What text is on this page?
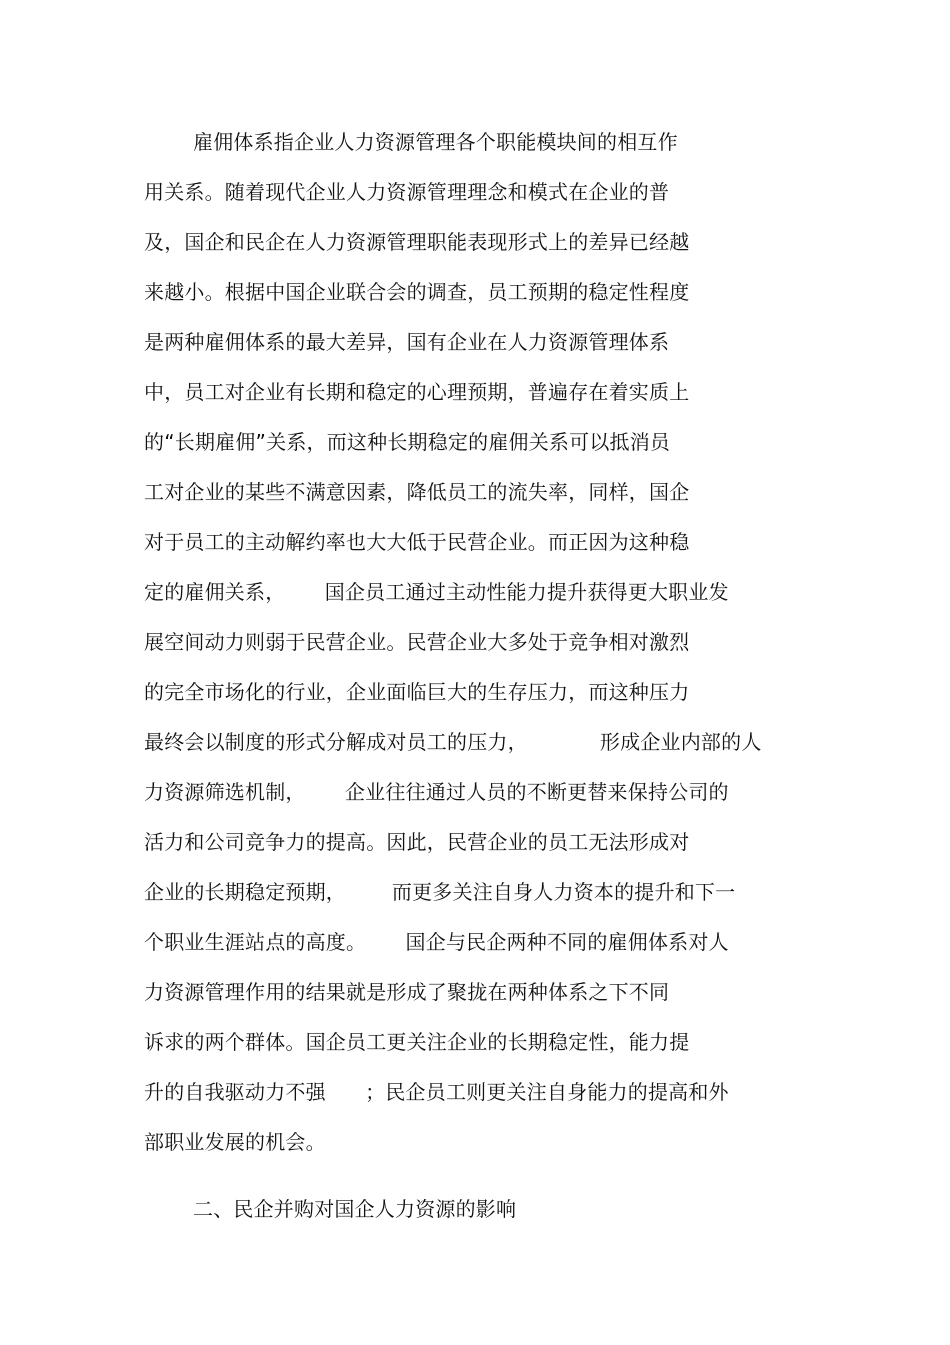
雇佣体系指企业人力资源管理各个职能模块间的相互作
用关系。随着现代企业人力资源管理理念和模式在企业的普
及，国企和民企在人力资源管理职能表现形式上的差异已经越
来越小。根据中国企业联合会的调查，员工预期的稳定性程度
是两种雇佣体系的最大差异，国有企业在人力资源管理体系
中，员工对企业有长期和稳定的心理预期，普遍存在着实质上
的“长期雇佣”关系，而这种长期稳定的雇佣关系可以抵消员
工对企业的某些不满意因素，降低员工的流失率，同样，国企
对于员工的主动解约率也大大低于民营企业。而正因为这种稳
定的雇佣关系，      国企员工通过主动性能力提升获得更大职业发
展空间动力则弱于民营企业。民营企业大多处于竞争相对激烈
的完全市场化的行业，企业面临巨大的生存压力，而这种压力
最终会以制度的形式分解成对员工的压力，           形成企业内部的人
力资源筛选机制，      企业往往通过人员的不断更替来保持公司的
活力和公司竞争力的提高。因此，民营企业的员工无法形成对
企业的长期稳定预期，       而更多关注自身人力资本的提升和下一
个职业生涯站点的高度。      国企与民企两种不同的雇佣体系对人
力资源管理作用的结果就是形成了聚拢在两种体系之下不同
诉求的两个群体。国企员工更关注企业的长期稳定性，能力提
升的自我驱动力不强      ；民企员工则更关注自身能力的提高和外
部职业发展的机会。
二、民企并购对国企人力资源的影响
